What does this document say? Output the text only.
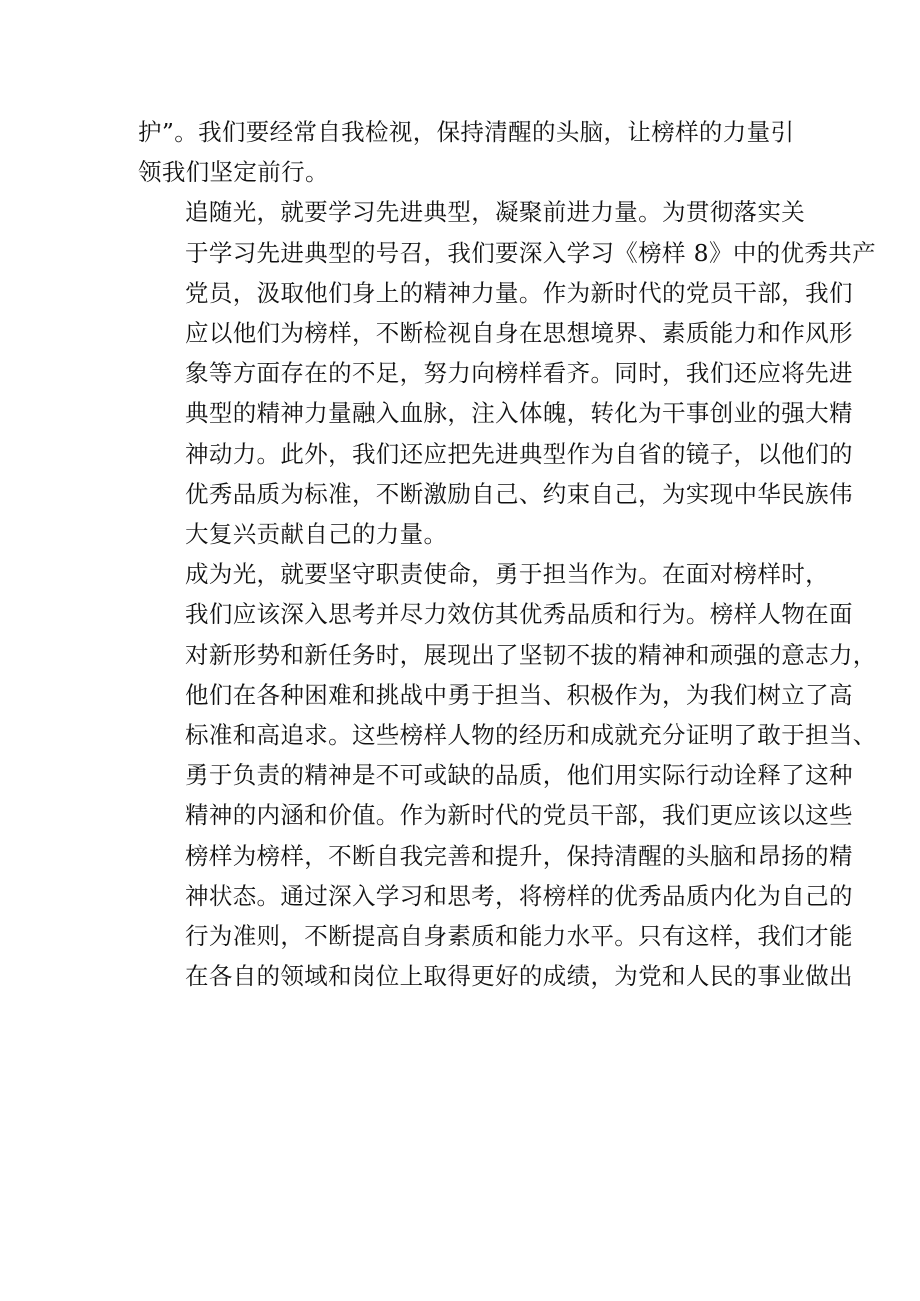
护”。我们要经常自我检视，保持清醒的头脑，让榜样的力量引
领我们坚定前行。

追随光，就要学习先进典型，凝聚前进力量。为贯彻落实关
于学习先进典型的号召，我们要深入学习《榜样 8》中的优秀共产
党员，汲取他们身上的精神力量。作为新时代的党员干部，我们
应以他们为榜样，不断检视自身在思想境界、素质能力和作风形
象等方面存在的不足，努力向榜样看齐。同时，我们还应将先进
典型的精神力量融入血脉，注入体魄，转化为干事创业的强大精
神动力。此外，我们还应把先进典型作为自省的镜子，以他们的
优秀品质为标准，不断激励自己、约束自己，为实现中华民族伟
大复兴贡献自己的力量。

成为光，就要坚守职责使命，勇于担当作为。在面对榜样时，
我们应该深入思考并尽力效仿其优秀品质和行为。榜样人物在面
对新形势和新任务时，展现出了坚韧不拔的精神和顽强的意志力，
他们在各种困难和挑战中勇于担当、积极作为，为我们树立了高
标准和高追求。这些榜样人物的经历和成就充分证明了敢于担当、
勇于负责的精神是不可或缺的品质，他们用实际行动诠释了这种
精神的内涵和价值。作为新时代的党员干部，我们更应该以这些
榜样为榜样，不断自我完善和提升，保持清醒的头脑和昂扬的精
神状态。通过深入学习和思考，将榜样的优秀品质内化为自己的
行为准则，不断提高自身素质和能力水平。只有这样，我们才能
在各自的领域和岗位上取得更好的成绩，为党和人民的事业做出
